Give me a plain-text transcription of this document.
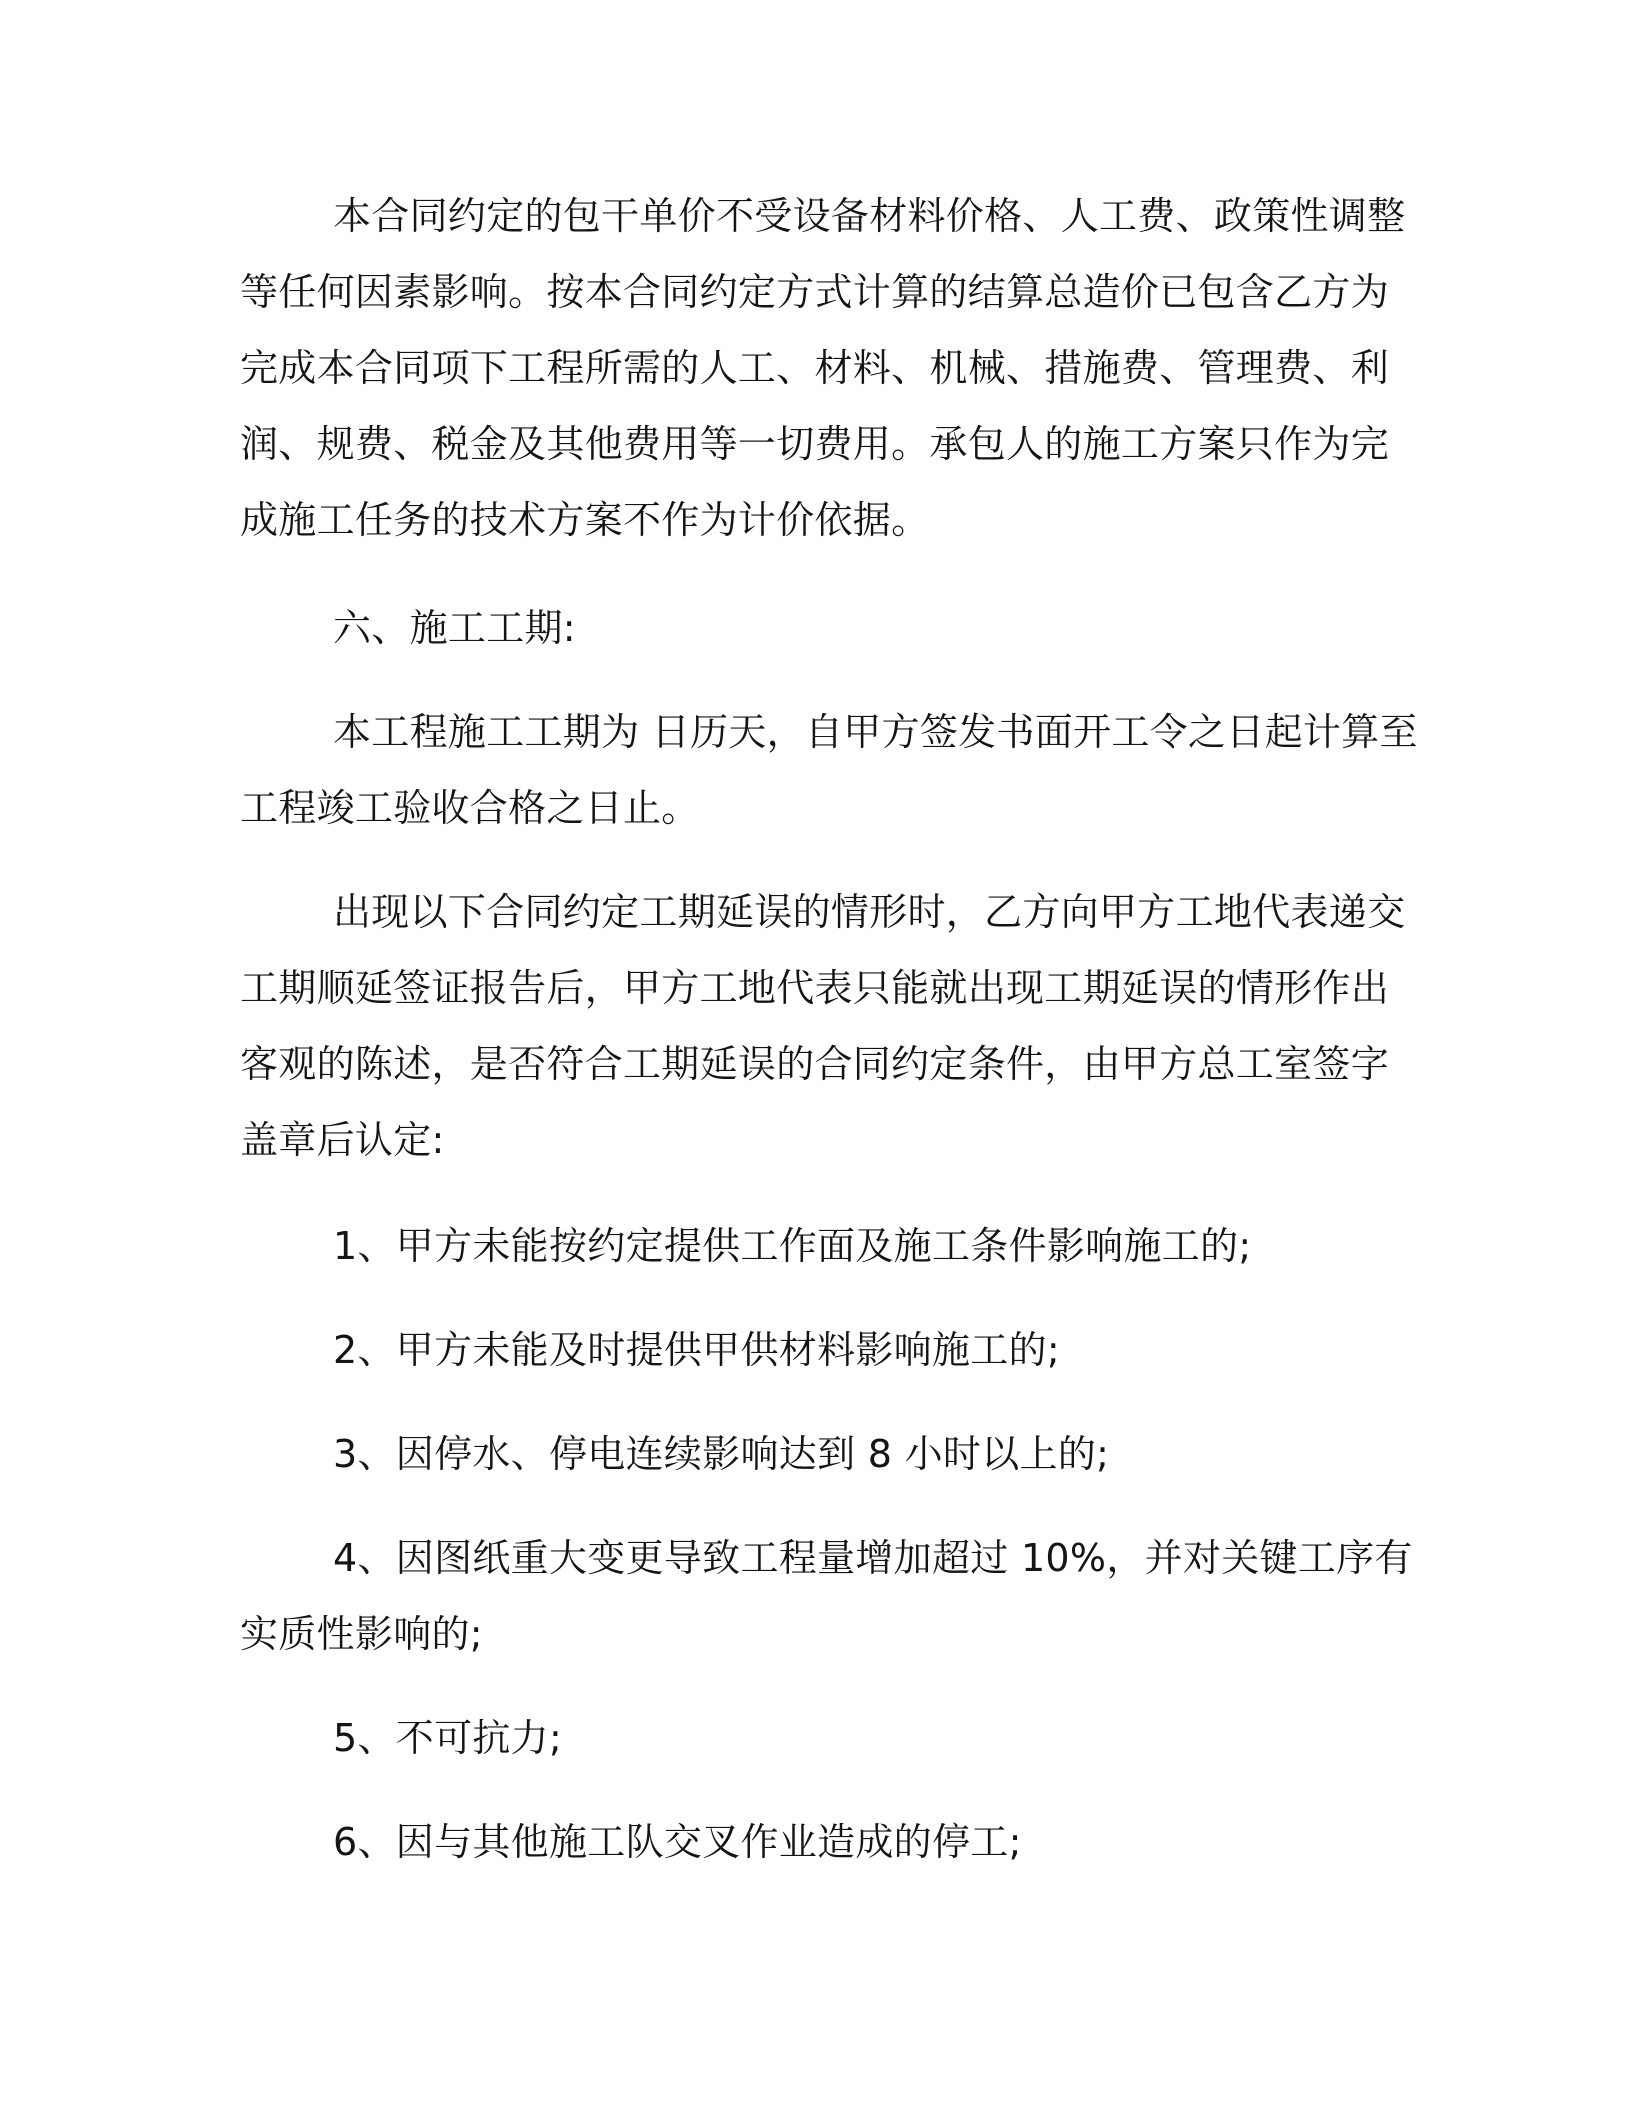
本合同约定的包干单价不受设备材料价格、人工费、政策性调整
等任何因素影响。按本合同约定方式计算的结算总造价已包含乙方为
完成本合同项下工程所需的人工、材料、机械、措施费、管理费、利
润、规费、税金及其他费用等一切费用。承包人的施工方案只作为完
成施工任务的技术方案不作为计价依据。
六、施工工期:
本工程施工工期为 日历天，自甲方签发书面开工令之日起计算至
工程竣工验收合格之日止。
出现以下合同约定工期延误的情形时，乙方向甲方工地代表递交
工期顺延签证报告后，甲方工地代表只能就出现工期延误的情形作出
客观的陈述，是否符合工期延误的合同约定条件，由甲方总工室签字
盖章后认定:
1、甲方未能按约定提供工作面及施工条件影响施工的;
2、甲方未能及时提供甲供材料影响施工的;
3、因停水、停电连续影响达到 8 小时以上的;
4、因图纸重大变更导致工程量增加超过 10%，并对关键工序有
实质性影响的;
5、不可抗力;
6、因与其他施工队交叉作业造成的停工;
